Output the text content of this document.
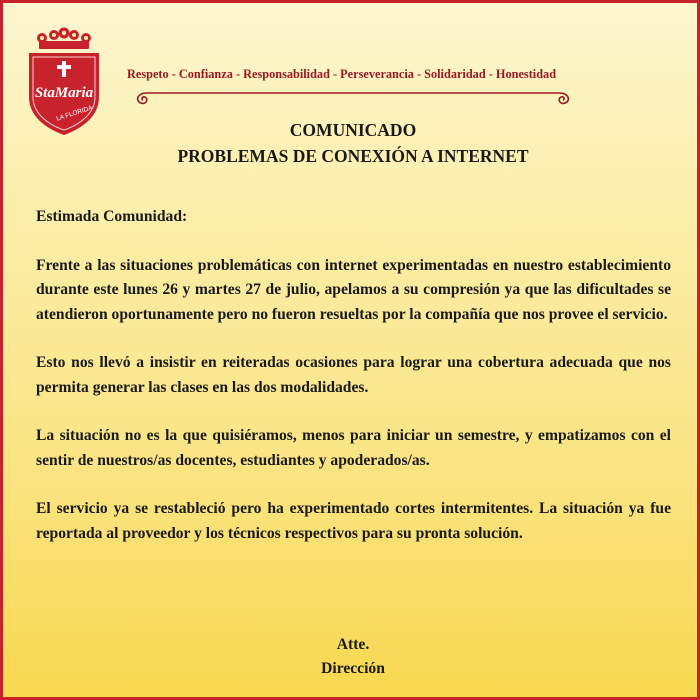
StaMaria
LA FLORIDA
Respeto - Confianza - Responsabilidad - Perseverancia - Solidaridad - Honestidad
COMUNICADO
PROBLEMAS DE CONEXIÓN A INTERNET

Estimada Comunidad:

Frente a las situaciones problemáticas con internet experimentadas en nuestro establecimiento durante este lunes 26 y martes 27 de julio, apelamos a su compresión ya que las dificultades se atendieron oportunamente pero no fueron resueltas por la compañía que nos provee el servicio.

Esto nos llevó a insistir en reiteradas ocasiones para lograr una cobertura adecuada que nos permita generar las clases en las dos modalidades.

La situación no es la que quisiéramos, menos para iniciar un semestre, y empatizamos con el sentir de nuestros/as docentes, estudiantes y apoderados/as.

El servicio ya se restableció pero ha experimentado cortes intermitentes. La situación ya fue reportada al proveedor y los técnicos respectivos para su pronta solución.

Atte.
Dirección
